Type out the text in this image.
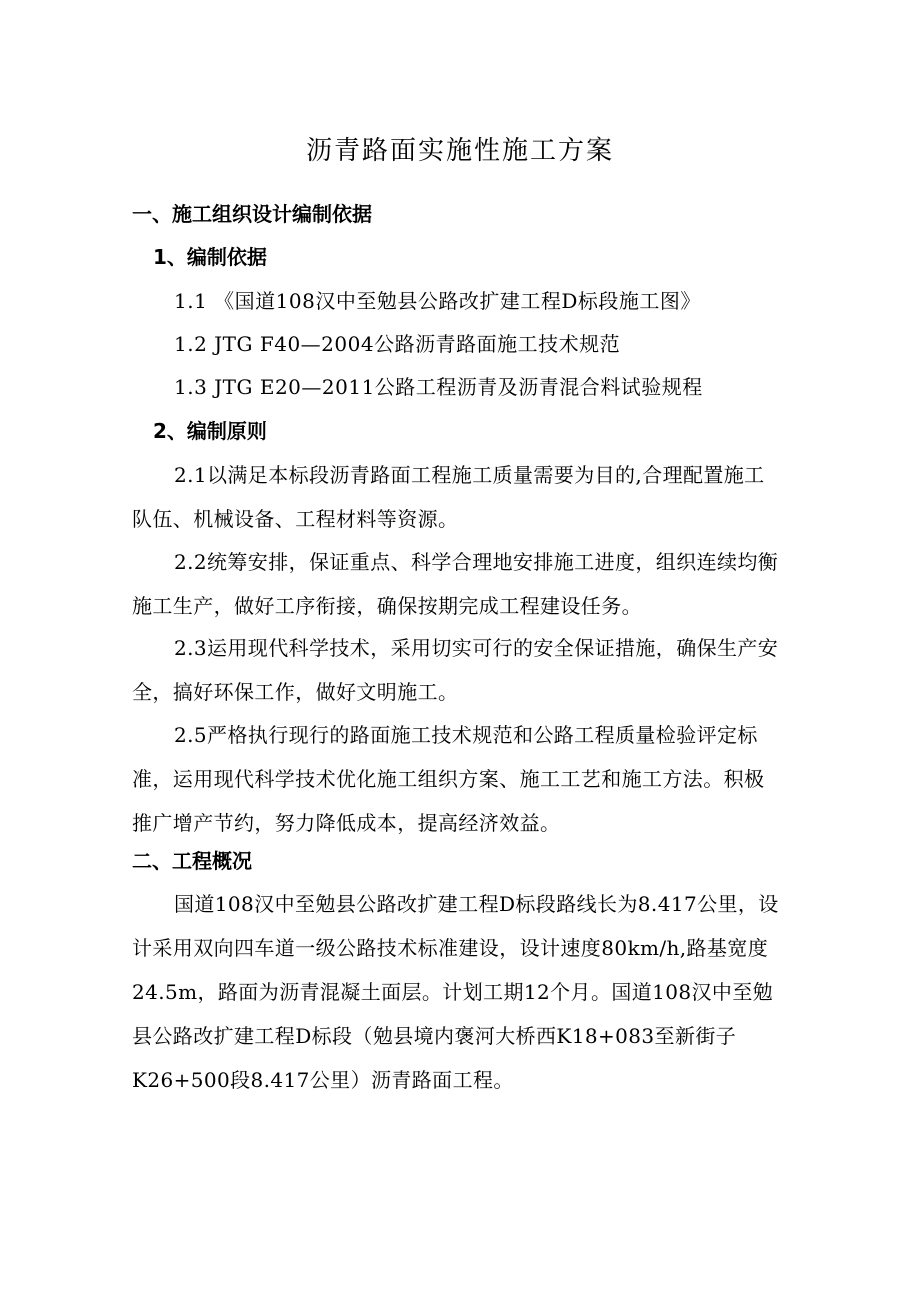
沥青路面实施性施工方案
一、施工组织设计编制依据
1、编制依据
1.1 《国道108汉中至勉县公路改扩建工程D标段施工图》
1.2 JTG F40—2004公路沥青路面施工技术规范
1.3 JTG E20—2011公路工程沥青及沥青混合料试验规程
2、编制原则
2.1以满足本标段沥青路面工程施工质量需要为目的,合理配置施工
队伍、机械设备、工程材料等资源。
2.2统筹安排，保证重点、科学合理地安排施工进度，组织连续均衡
施工生产，做好工序衔接，确保按期完成工程建设任务。
2.3运用现代科学技术，采用切实可行的安全保证措施，确保生产安
全，搞好环保工作，做好文明施工。
2.5严格执行现行的路面施工技术规范和公路工程质量检验评定标
准，运用现代科学技术优化施工组织方案、施工工艺和施工方法。积极
推广增产节约，努力降低成本，提高经济效益。
二、工程概况
国道108汉中至勉县公路改扩建工程D标段路线长为8.417公里，设
计采用双向四车道一级公路技术标准建设，设计速度80km/h,路基宽度
24.5m，路面为沥青混凝土面层。计划工期12个月。国道108汉中至勉
县公路改扩建工程D标段（勉县境内褒河大桥西K18+083至新街子
K26+500段8.417公里）沥青路面工程。
